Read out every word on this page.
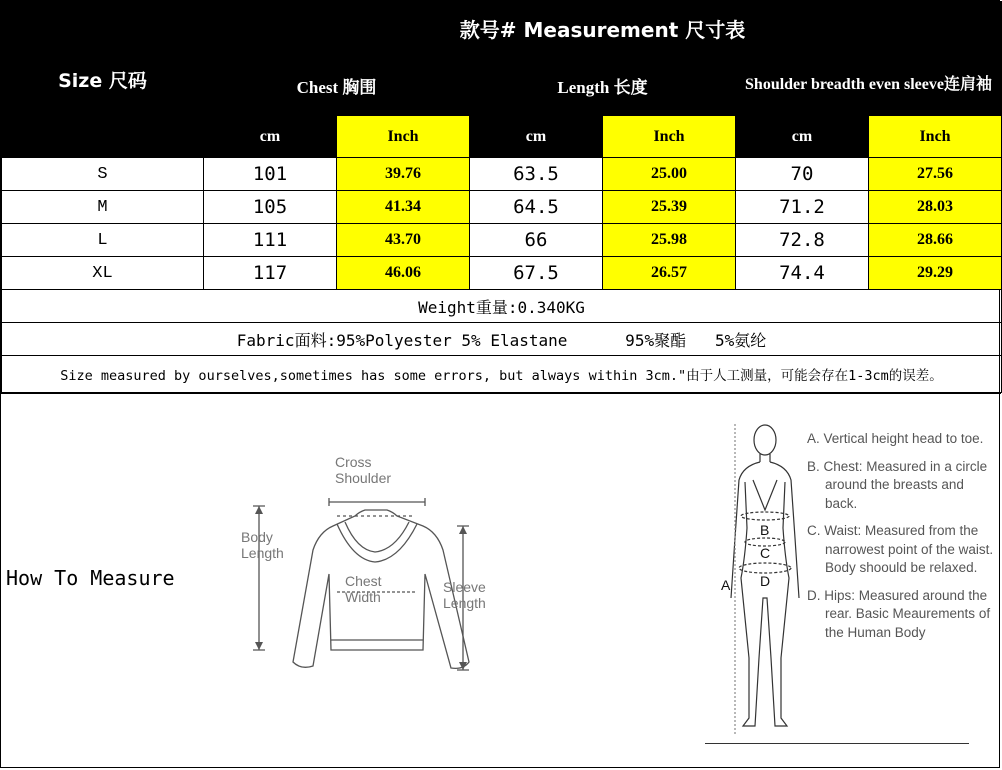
Size 尺码	款号# Measurement 尺寸表					
	Chest 胸围		Length 长度		Shoulder breadth even sleeve连肩袖	
	cm	Inch	cm	Inch	cm	Inch
S	101	39.76	63.5	25.00	70	27.56
M	105	41.34	64.5	25.39	71.2	28.03
L	111	43.70	66	25.98	72.8	28.66
XL	117	46.06	67.5	26.57	74.4	29.29
Weight重量:0.340KG						
Fabric面料:95%Polyester 5% Elastane      95%聚酯   5%氨纶						
Size measured by ourselves,sometimes has some errors, but always within 3cm."由于人工测量，可能会存在1-3cm的误差。						
How To Measure
Cross
Shoulder
Body
Length
Chest
Width
Sleeve
Length
A
B
C
D

A. Vertical height head to toe.

B. Chest: Measured in a circle around the breasts and back.

C. Waist: Measured from the narrowest point of the waist. Body shoould be relaxed.

D. Hips: Measured around the rear. Basic Meaurements of the Human Body
